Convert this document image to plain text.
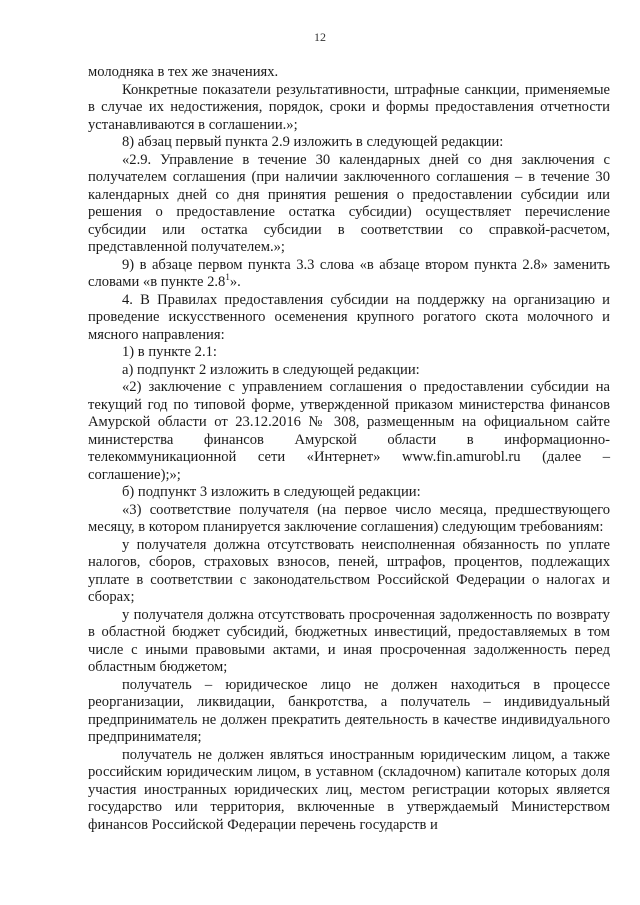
12

молодняка в тех же значениях.

Конкретные показатели результативности, штрафные санкции, применяемые в случае их недостижения, порядок, сроки и формы предоставления отчетности устанавливаются в соглашении.»;

8) абзац первый пункта 2.9 изложить в следующей редакции:

«2.9. Управление в течение 30 календарных дней со дня заключения с получателем соглашения (при наличии заключенного соглашения – в течение 30 календарных дней со дня принятия решения о предоставлении субсидии или решения о предоставление остатка субсидии) осуществляет перечисление субсидии или остатка субсидии в соответствии со справкой-расчетом, представленной получателем.»;

9) в абзаце первом пункта 3.3 слова «в абзаце втором пункта 2.8» заменить словами «в пункте $2.8^1$».

4. В Правилах предоставления субсидии на поддержку на организацию и проведение искусственного осеменения крупного рогатого скота молочного и мясного направления:

1) в пункте 2.1:

а) подпункт 2 изложить в следующей редакции:

«2) заключение с управлением соглашения о предоставлении субсидии на текущий год по типовой форме, утвержденной приказом министерства финансов Амурской области от 23.12.2016 № 308, размещенным на официальном сайте министерства финансов Амурской области в информационно-телекоммуникационной сети «Интернет» www.fin.amurobl.ru (далее – соглашение);»;

б) подпункт 3 изложить в следующей редакции:

«3) соответствие получателя (на первое число месяца, предшествующего месяцу, в котором планируется заключение соглашения) следующим требованиям:

у получателя должна отсутствовать неисполненная обязанность по уплате налогов, сборов, страховых взносов, пеней, штрафов, процентов, подлежащих уплате в соответствии с законодательством Российской Федерации о налогах и сборах;

у получателя должна отсутствовать просроченная задолженность по возврату в областной бюджет субсидий, бюджетных инвестиций, предоставляемых в том числе с иными правовыми актами, и иная просроченная задолженность перед областным бюджетом;

получатель – юридическое лицо не должен находиться в процессе реорганизации, ликвидации, банкротства, а получатель – индивидуальный предприниматель не должен прекратить деятельность в качестве индивидуального предпринимателя;

получатель не должен являться иностранным юридическим лицом, а также российским юридическим лицом, в уставном (складочном) капитале которых доля участия иностранных юридических лиц, местом регистрации которых является государство или территория, включенные в утверждаемый Министерством финансов Российской Федерации перечень государств и
